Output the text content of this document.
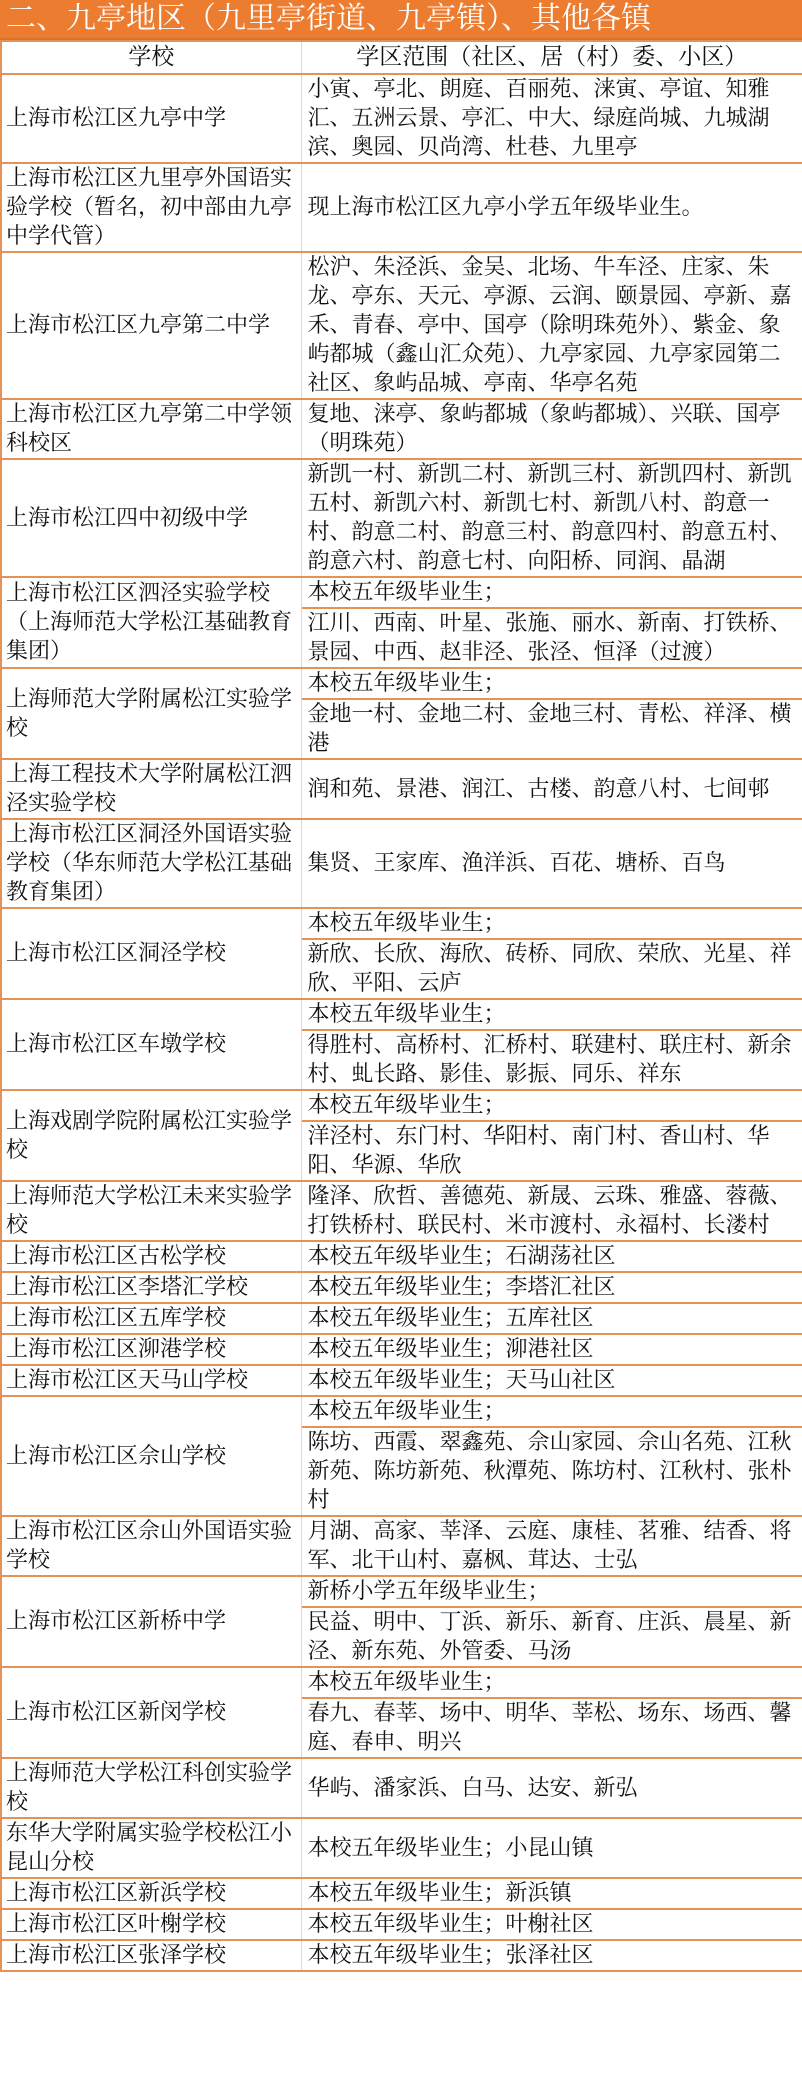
二、九亭地区（九里亭街道、九亭镇）、其他各镇
学校	学区范围（社区、居（村）委、小区）
上海市松江区九亭中学	小寅、亭北、朗庭、百丽苑、涞寅、亭谊、知雅汇、五洲云景、亭汇、中大、绿庭尚城、九城湖滨、奥园、贝尚湾、杜巷、九里亭

上海市松江区九里亭外国语实验学校（暂名，初中部由九亭中学代管）	现上海市松江区九亭小学五年级毕业生。

上海市松江区九亭第二中学	松沪、朱泾浜、金吴、北场、牛车泾、庄家、朱龙、亭东、天元、亭源、云润、颐景园、亭新、嘉禾、青春、亭中、国亭（除明珠苑外）、紫金、象屿都城（鑫山汇众苑）、九亭家园、九亭家园第二社区、象屿品城、亭南、华亭名苑

上海市松江区九亭第二中学领科校区	复地、涞亭、象屿都城（象屿都城）、兴联、国亭（明珠苑）

上海市松江四中初级中学	新凯一村、新凯二村、新凯三村、新凯四村、新凯五村、新凯六村、新凯七村、新凯八村、韵意一村、韵意二村、韵意三村、韵意四村、韵意五村、韵意六村、韵意七村、向阳桥、同润、晶湖

上海市松江区泗泾实验学校（上海师范大学松江基础教育集团）	本校五年级毕业生；
江川、西南、叶星、张施、丽水、新南、打铁桥、景园、中西、赵非泾、张泾、恒泽（过渡）

上海师范大学附属松江实验学校	本校五年级毕业生；
金地一村、金地二村、金地三村、青松、祥泽、横港

上海工程技术大学附属松江泗泾实验学校	润和苑、景港、润江、古楼、韵意八村、七间邨

上海市松江区洞泾外国语实验学校（华东师范大学松江基础教育集团）	集贤、王家库、渔洋浜、百花、塘桥、百鸟

上海市松江区洞泾学校	本校五年级毕业生；
新欣、长欣、海欣、砖桥、同欣、荣欣、光星、祥欣、平阳、云庐

上海市松江区车墩学校	本校五年级毕业生；
得胜村、高桥村、汇桥村、联建村、联庄村、新余村、虬长路、影佳、影振、同乐、祥东

上海戏剧学院附属松江实验学校	本校五年级毕业生；
洋泾村、东门村、华阳村、南门村、香山村、华阳、华源、华欣

上海师范大学松江未来实验学校	隆泽、欣哲、善德苑、新晟、云珠、雅盛、蓉薇、打铁桥村、联民村、米市渡村、永福村、长溇村

上海市松江区古松学校	本校五年级毕业生；石湖荡社区

上海市松江区李塔汇学校	本校五年级毕业生；李塔汇社区

上海市松江区五库学校	本校五年级毕业生；五库社区

上海市松江区泖港学校	本校五年级毕业生；泖港社区

上海市松江区天马山学校	本校五年级毕业生；天马山社区

上海市松江区佘山学校	本校五年级毕业生；
陈坊、西霞、翠鑫苑、佘山家园、佘山名苑、江秋新苑、陈坊新苑、秋潭苑、陈坊村、江秋村、张朴村

上海市松江区佘山外国语实验学校	月湖、高家、莘泽、云庭、康桂、茗雅、结香、将军、北干山村、嘉枫、茸达、士弘

上海市松江区新桥中学	新桥小学五年级毕业生；
民益、明中、丁浜、新乐、新育、庄浜、晨星、新泾、新东苑、外管委、马汤

上海市松江区新闵学校	本校五年级毕业生；
春九、春莘、场中、明华、莘松、场东、场西、馨庭、春申、明兴

上海师范大学松江科创实验学校	华屿、潘家浜、白马、达安、新弘

东华大学附属实验学校松江小昆山分校	本校五年级毕业生；小昆山镇

上海市松江区新浜学校	本校五年级毕业生；新浜镇

上海市松江区叶榭学校	本校五年级毕业生；叶榭社区

上海市松江区张泽学校	本校五年级毕业生；张泽社区
